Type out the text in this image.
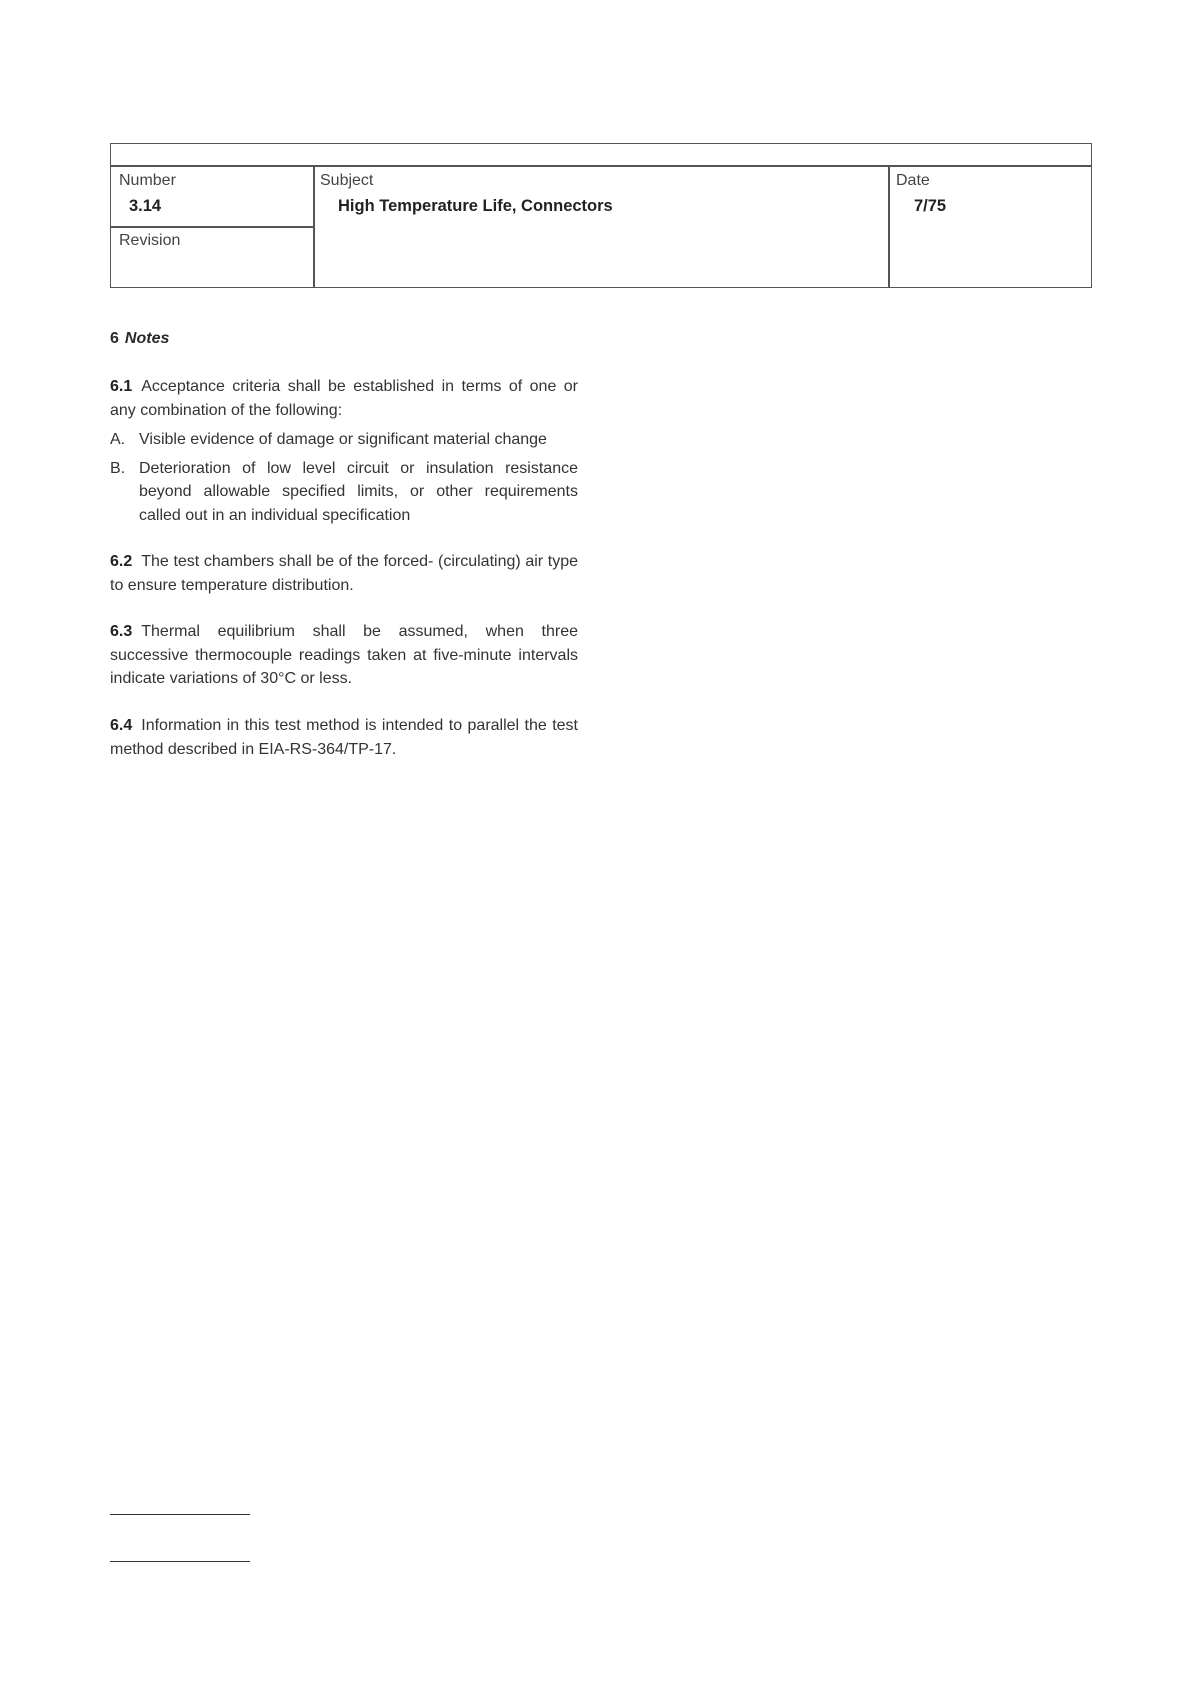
Number
3.14
Revision
Subject
High Temperature Life, Connectors
Date
7/75
6 Notes
6.1 Acceptance criteria shall be established in terms of one or any combination of the following:
A. Visible evidence of damage or significant material change
B. Deterioration of low level circuit or insulation resistance beyond allowable specified limits, or other requirements called out in an individual specification
6.2 The test chambers shall be of the forced- (circulating) air type to ensure temperature distribution.
6.3 Thermal equilibrium shall be assumed, when three successive thermocouple readings taken at five-minute intervals indicate variations of 30°C or less.
6.4 Information in this test method is intended to parallel the test method described in EIA-RS-364/TP-17.
